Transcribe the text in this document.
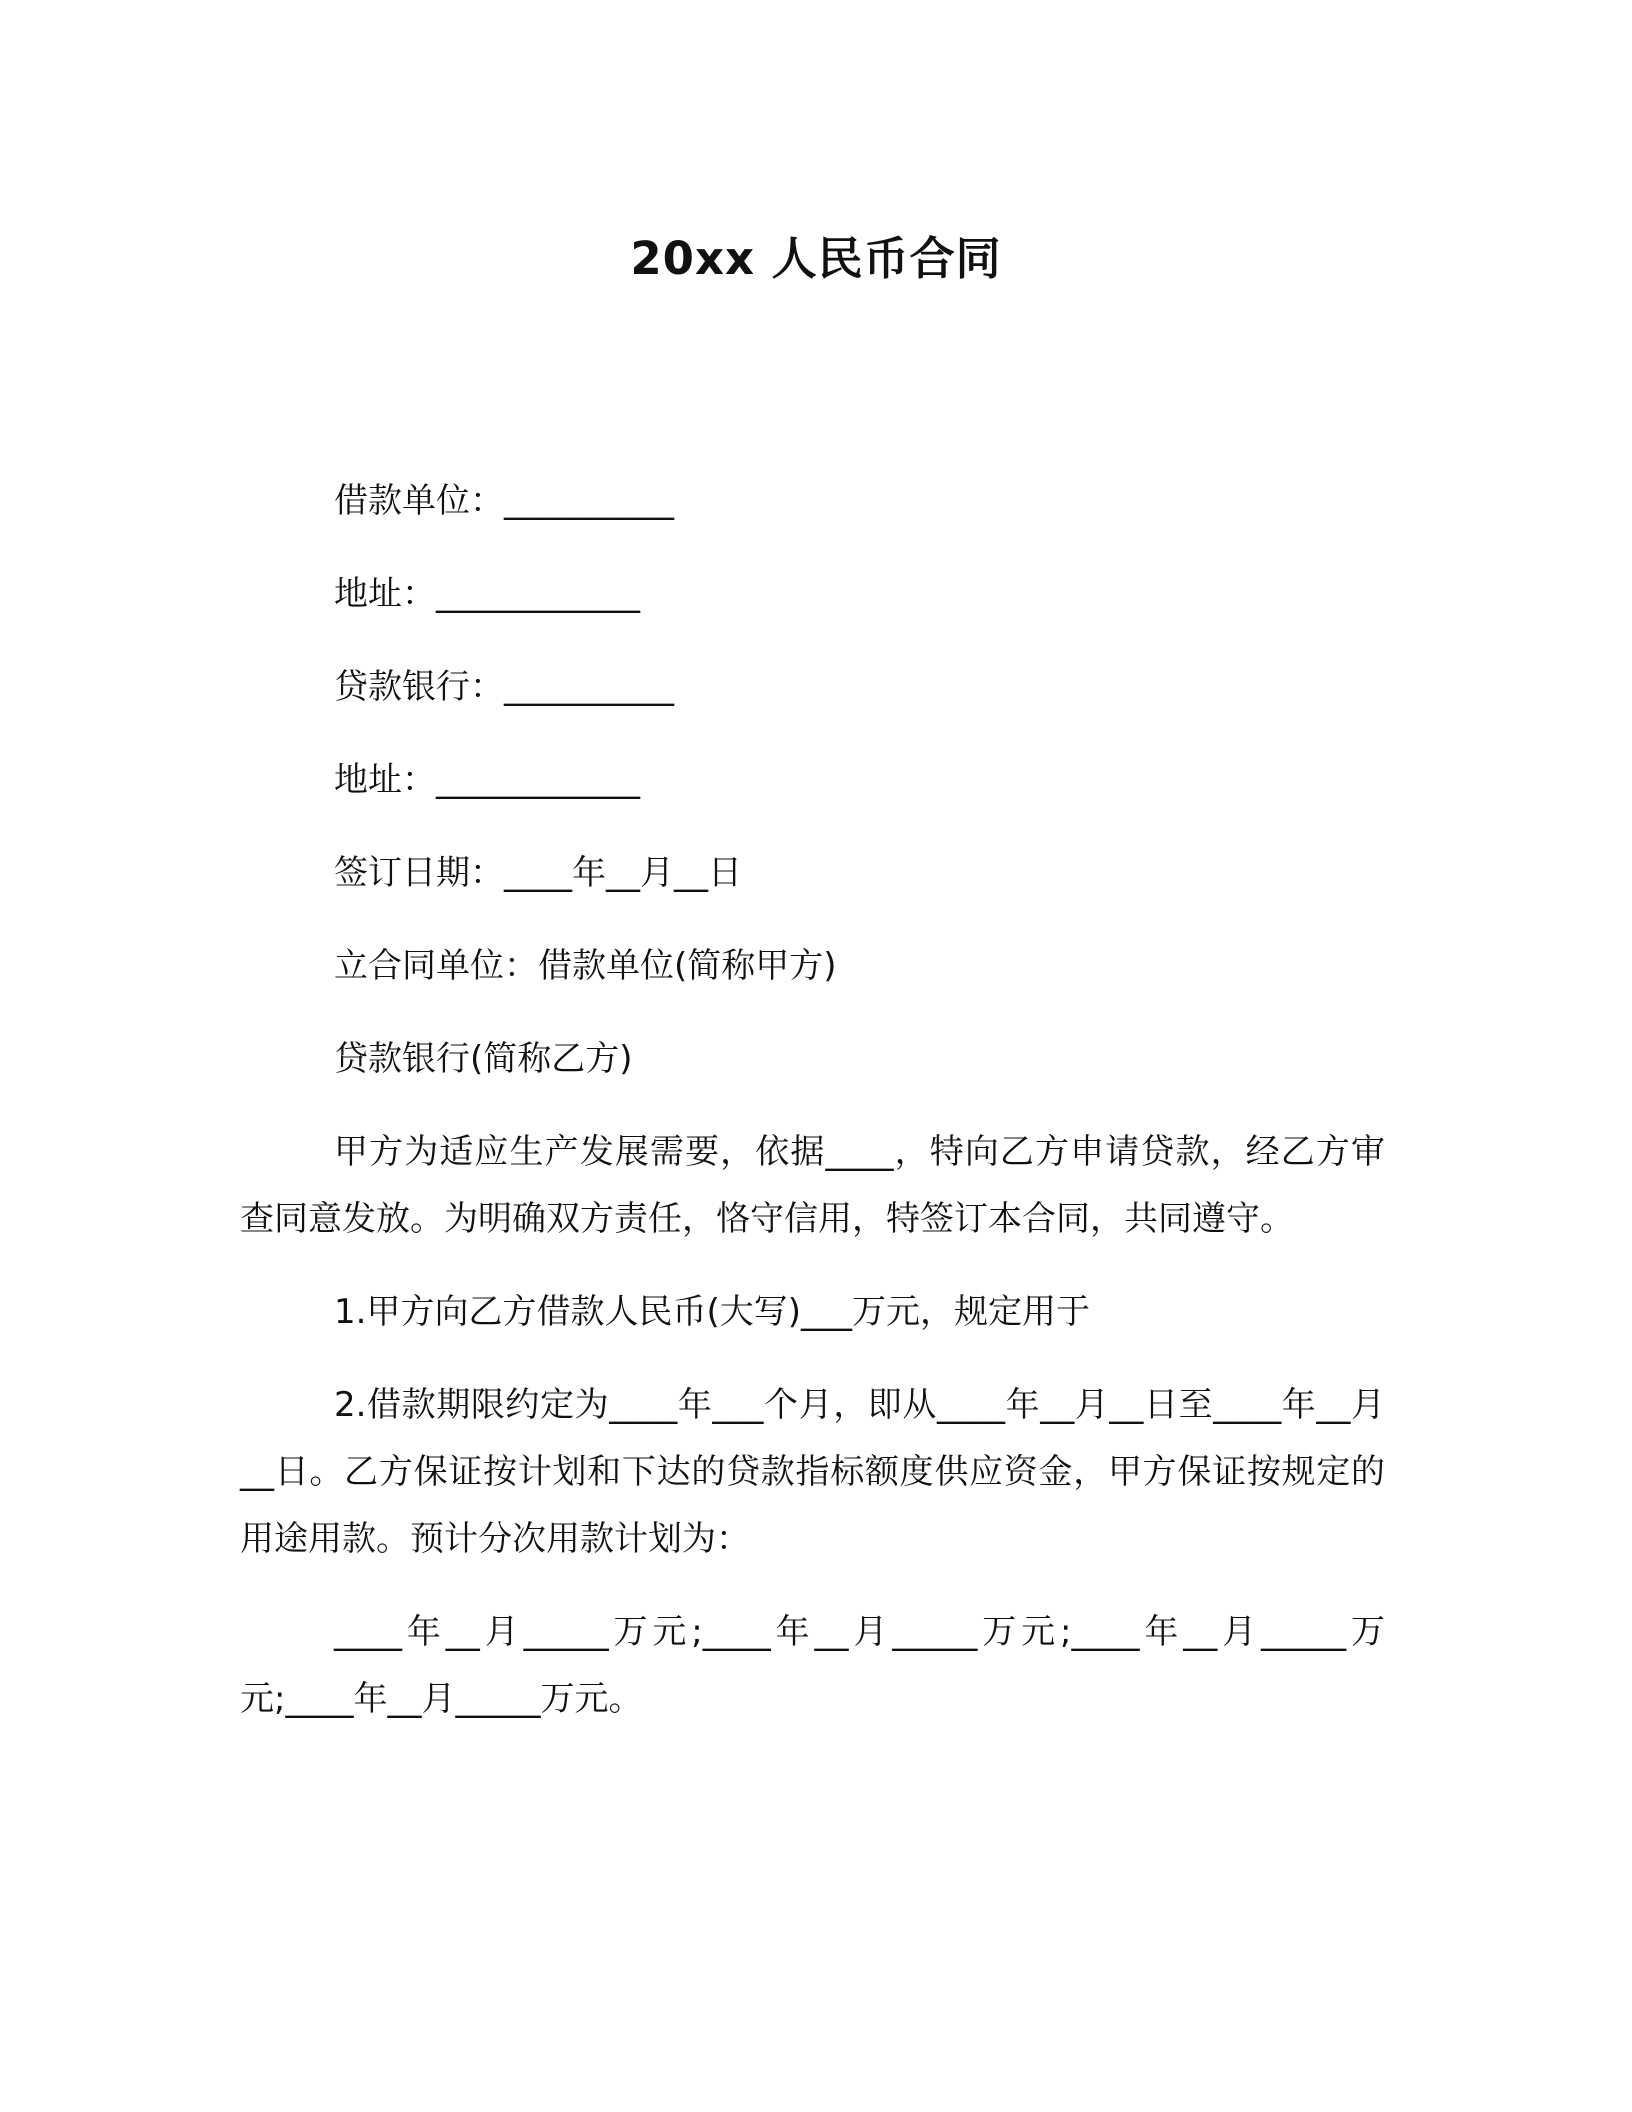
20xx 人民币合同

借款单位：__________

地址：____________

贷款银行：__________

地址：____________

签订日期：____年__月__日

立合同单位：借款单位(简称甲方)

贷款银行(简称乙方)

甲方为适应生产发展需要，依据____，特向乙方申请贷款，经乙方审查同意发放。为明确双方责任，恪守信用，特签订本合同，共同遵守。

1.甲方向乙方借款人民币(大写)___万元，规定用于

2.借款期限约定为____年___个月，即从____年__月__日至____年__月__日。乙方保证按计划和下达的贷款指标额度供应资金，甲方保证按规定的用途用款。预计分次用款计划为：

____年__月_____万元;____年__月_____万元;____年__月_____万元;____年__月_____万元。
